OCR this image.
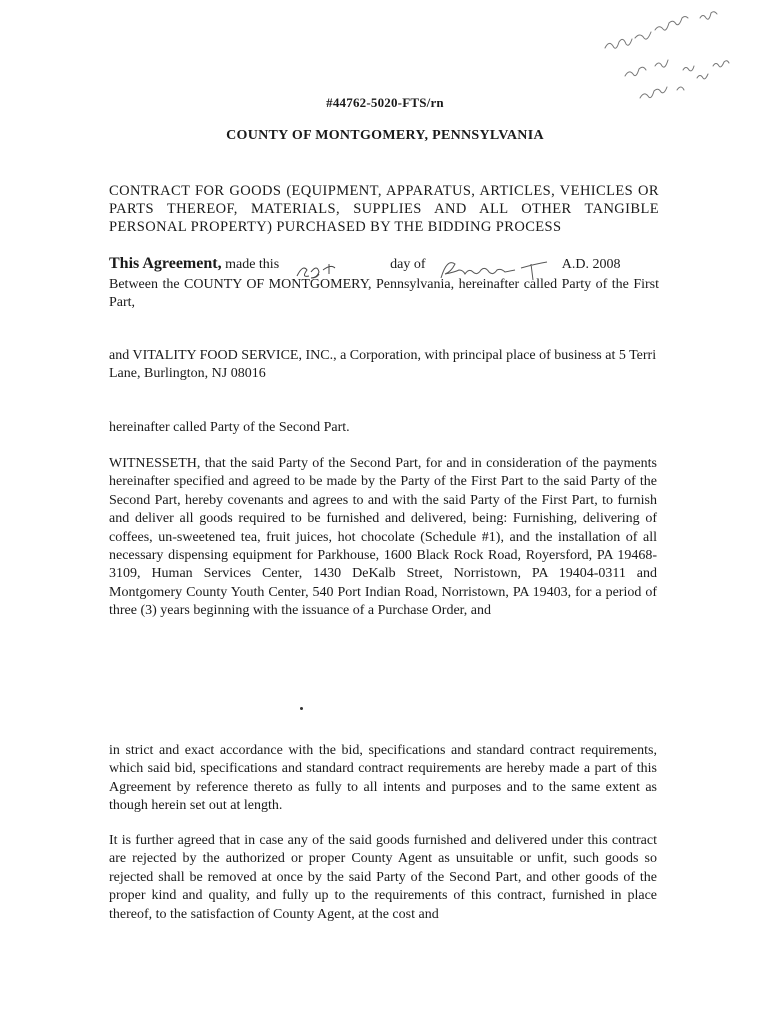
#44762-5020-FTS/rn
COUNTY OF MONTGOMERY, PENNSYLVANIA
CONTRACT FOR GOODS (EQUIPMENT, APPARATUS, ARTICLES, VEHICLES OR PARTS THEREOF, MATERIALS, SUPPLIES AND ALL OTHER TANGIBLE PERSONAL PROPERTY) PURCHASED BY THE BIDDING PROCESS
This Agreement, made this	day of	A.D. 2008
Between the COUNTY OF MONTGOMERY, Pennsylvania, hereinafter called Party of the First Part,
and VITALITY FOOD SERVICE, INC., a Corporation, with principal place of business at 5 Terri Lane, Burlington, NJ 08016
hereinafter called Party of the Second Part.
WITNESSETH, that the said Party of the Second Part, for and in consideration of the payments hereinafter specified and agreed to be made by the Party of the First Part to the said Party of the Second Part, hereby covenants and agrees to and with the said Party of the First Part, to furnish and deliver all goods required to be furnished and delivered, being: Furnishing, delivering of coffees, un-sweetened tea, fruit juices, hot chocolate (Schedule #1), and the installation of all necessary dispensing equipment for Parkhouse, 1600 Black Rock Road, Royersford, PA 19468-3109, Human Services Center, 1430 DeKalb Street, Norristown, PA 19404-0311 and Montgomery County Youth Center, 540 Port Indian Road, Norristown, PA 19403, for a period of three (3) years beginning with the issuance of a Purchase Order, and
in strict and exact accordance with the bid, specifications and standard contract requirements, which said bid, specifications and standard contract requirements are hereby made a part of this Agreement by reference thereto as fully to all intents and purposes and to the same extent as though herein set out at length.
It is further agreed that in case any of the said goods furnished and delivered under this contract are rejected by the authorized or proper County Agent as unsuitable or unfit, such goods so rejected shall be removed at once by the said Party of the Second Part, and other goods of the proper kind and quality, and fully up to the requirements of this contract, furnished in place thereof, to the satisfaction of County Agent, at the cost and
